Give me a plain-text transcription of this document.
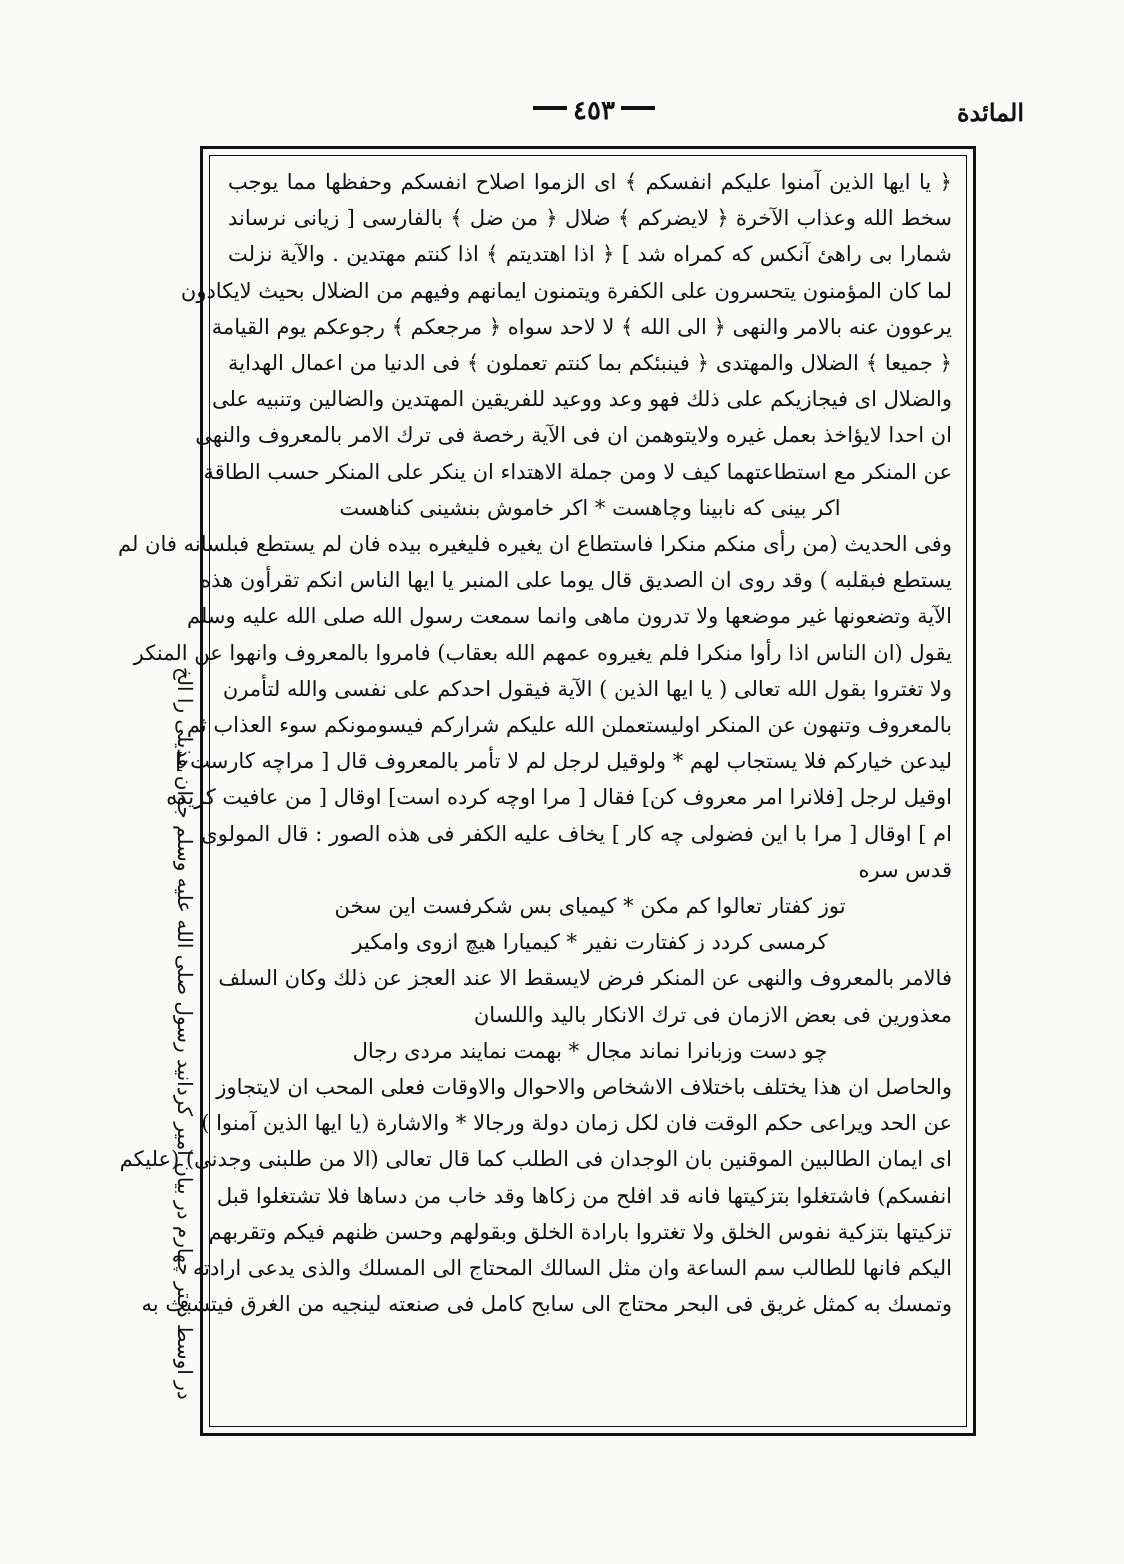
٤٥٣	المائدة

﴿ يا ايها الذين آمنوا عليكم انفسكم ﴾ اى الزموا اصلاح انفسكم وحفظها مما يوجب

سخط الله وعذاب الآخرة ﴿ لايضركم ﴾ ضلال ﴿ من ضل ﴾ بالفارسى [ زيانى نرساند

شمارا بى راهئ آنكس كه كمراه شد ] ﴿ اذا اهتديتم ﴾ اذا كنتم مهتدين . والآية نزلت

لما كان المؤمنون يتحسرون على الكفرة ويتمنون ايمانهم وفيهم من الضلال بحيث لايكادون

يرعوون عنه بالامر والنهى ﴿ الى الله ﴾ لا لاحد سواه ﴿ مرجعكم ﴾ رجوعكم يوم القيامة

﴿ جميعا ﴾ الضلال والمهتدى ﴿ فينبئكم بما كنتم تعملون ﴾ فى الدنيا من اعمال الهداية

والضلال اى فيجازيكم على ذلك فهو وعد ووعيد للفريقين المهتدين والضالين وتنبيه على

ان احدا لايؤاخذ بعمل غيره ولايتوهمن ان فى الآية رخصة فى ترك الامر بالمعروف والنهى

عن المنكر مع استطاعتهما كيف لا ومن جملة الاهتداء ان ينكر على المنكر حسب الطاقة

اكر بينى كه نابينا وچاهست * اكر خاموش بنشينى كناهست

وفى الحديث (من رأى منكم منكرا فاستطاع ان يغيره فليغيره بيده فان لم يستطع فبلسانه فان لم

يستطع فبقلبه ) وقد روى ان الصديق قال يوما على المنبر يا ايها الناس انكم تقرأون هذه

الآية وتضعونها غير موضعها ولا تدرون ماهى وانما سمعت رسول الله صلى الله عليه وسلم

يقول (ان الناس اذا رأوا منكرا فلم يغيروه عمهم الله بعقاب) فامروا بالمعروف وانهوا عن المنكر

ولا تغتروا بقول الله تعالى ( يا ايها الذين ) الآية فيقول احدكم على نفسى والله لتأمرن

بالمعروف وتنهون عن المنكر اوليستعملن الله عليكم شراركم فيسومونكم سوء العذاب ثم

ليدعن خياركم فلا يستجاب لهم * ولوقيل لرجل لم لا تأمر بالمعروف قال [ مراچه كارست ]

اوقيل لرجل [فلانرا امر معروف كن] فقال [ مرا اوچه كرده است] اوقال [ من عافيت كزيده

ام ] اوقال [ مرا با اين فضولى چه كار ] يخاف عليه الكفر فى هذه الصور : قال المولوى

قدس سره

توز كفتار تعالوا كم مكن * كيمياى بس شكرفست اين سخن

كرمسى كردد ز كفتارت نفير * كيميارا هيچ ازوى وامكير

فالامر بالمعروف والنهى عن المنكر فرض لايسقط الا عند العجز عن ذلك وكان السلف

معذورين فى بعض الازمان فى ترك الانكار باليد واللسان

چو دست وزبانرا نماند مجال * بهمت نمايند مردى رجال

والحاصل ان هذا يختلف باختلاف الاشخاص والاحوال والاوقات فعلى المحب ان لايتجاوز

عن الحد ويراعى حكم الوقت فان لكل زمان دولة ورجالا * والاشارة (يا ايها الذين آمنوا )

اى ايمان الطالبين الموقنين بان الوجدان فى الطلب كما قال تعالى (الا من طلبنى وجدنى) (عليكم

انفسكم) فاشتغلوا بتزكيتها فانه قد افلح من زكاها وقد خاب من دساها فلا تشتغلوا قبل

تزكيتها بتزكية نفوس الخلق ولا تغتروا بارادة الخلق وبقولهم وحسن ظنهم فيكم وتقربهم

اليكم فانها للطالب سم الساعة وان مثل السالك المحتاج الى المسلك والذى يدعى ارادته

وتمسك به كمثل غريق فى البحر محتاج الى سابح كامل فى صنعته لينجيه من الغرق فيتشبث به

در اوسط دفتر چهارم در بيان امير كردانيد رسول صلى الله عليه وسلم جوان هذيلى را الخ
